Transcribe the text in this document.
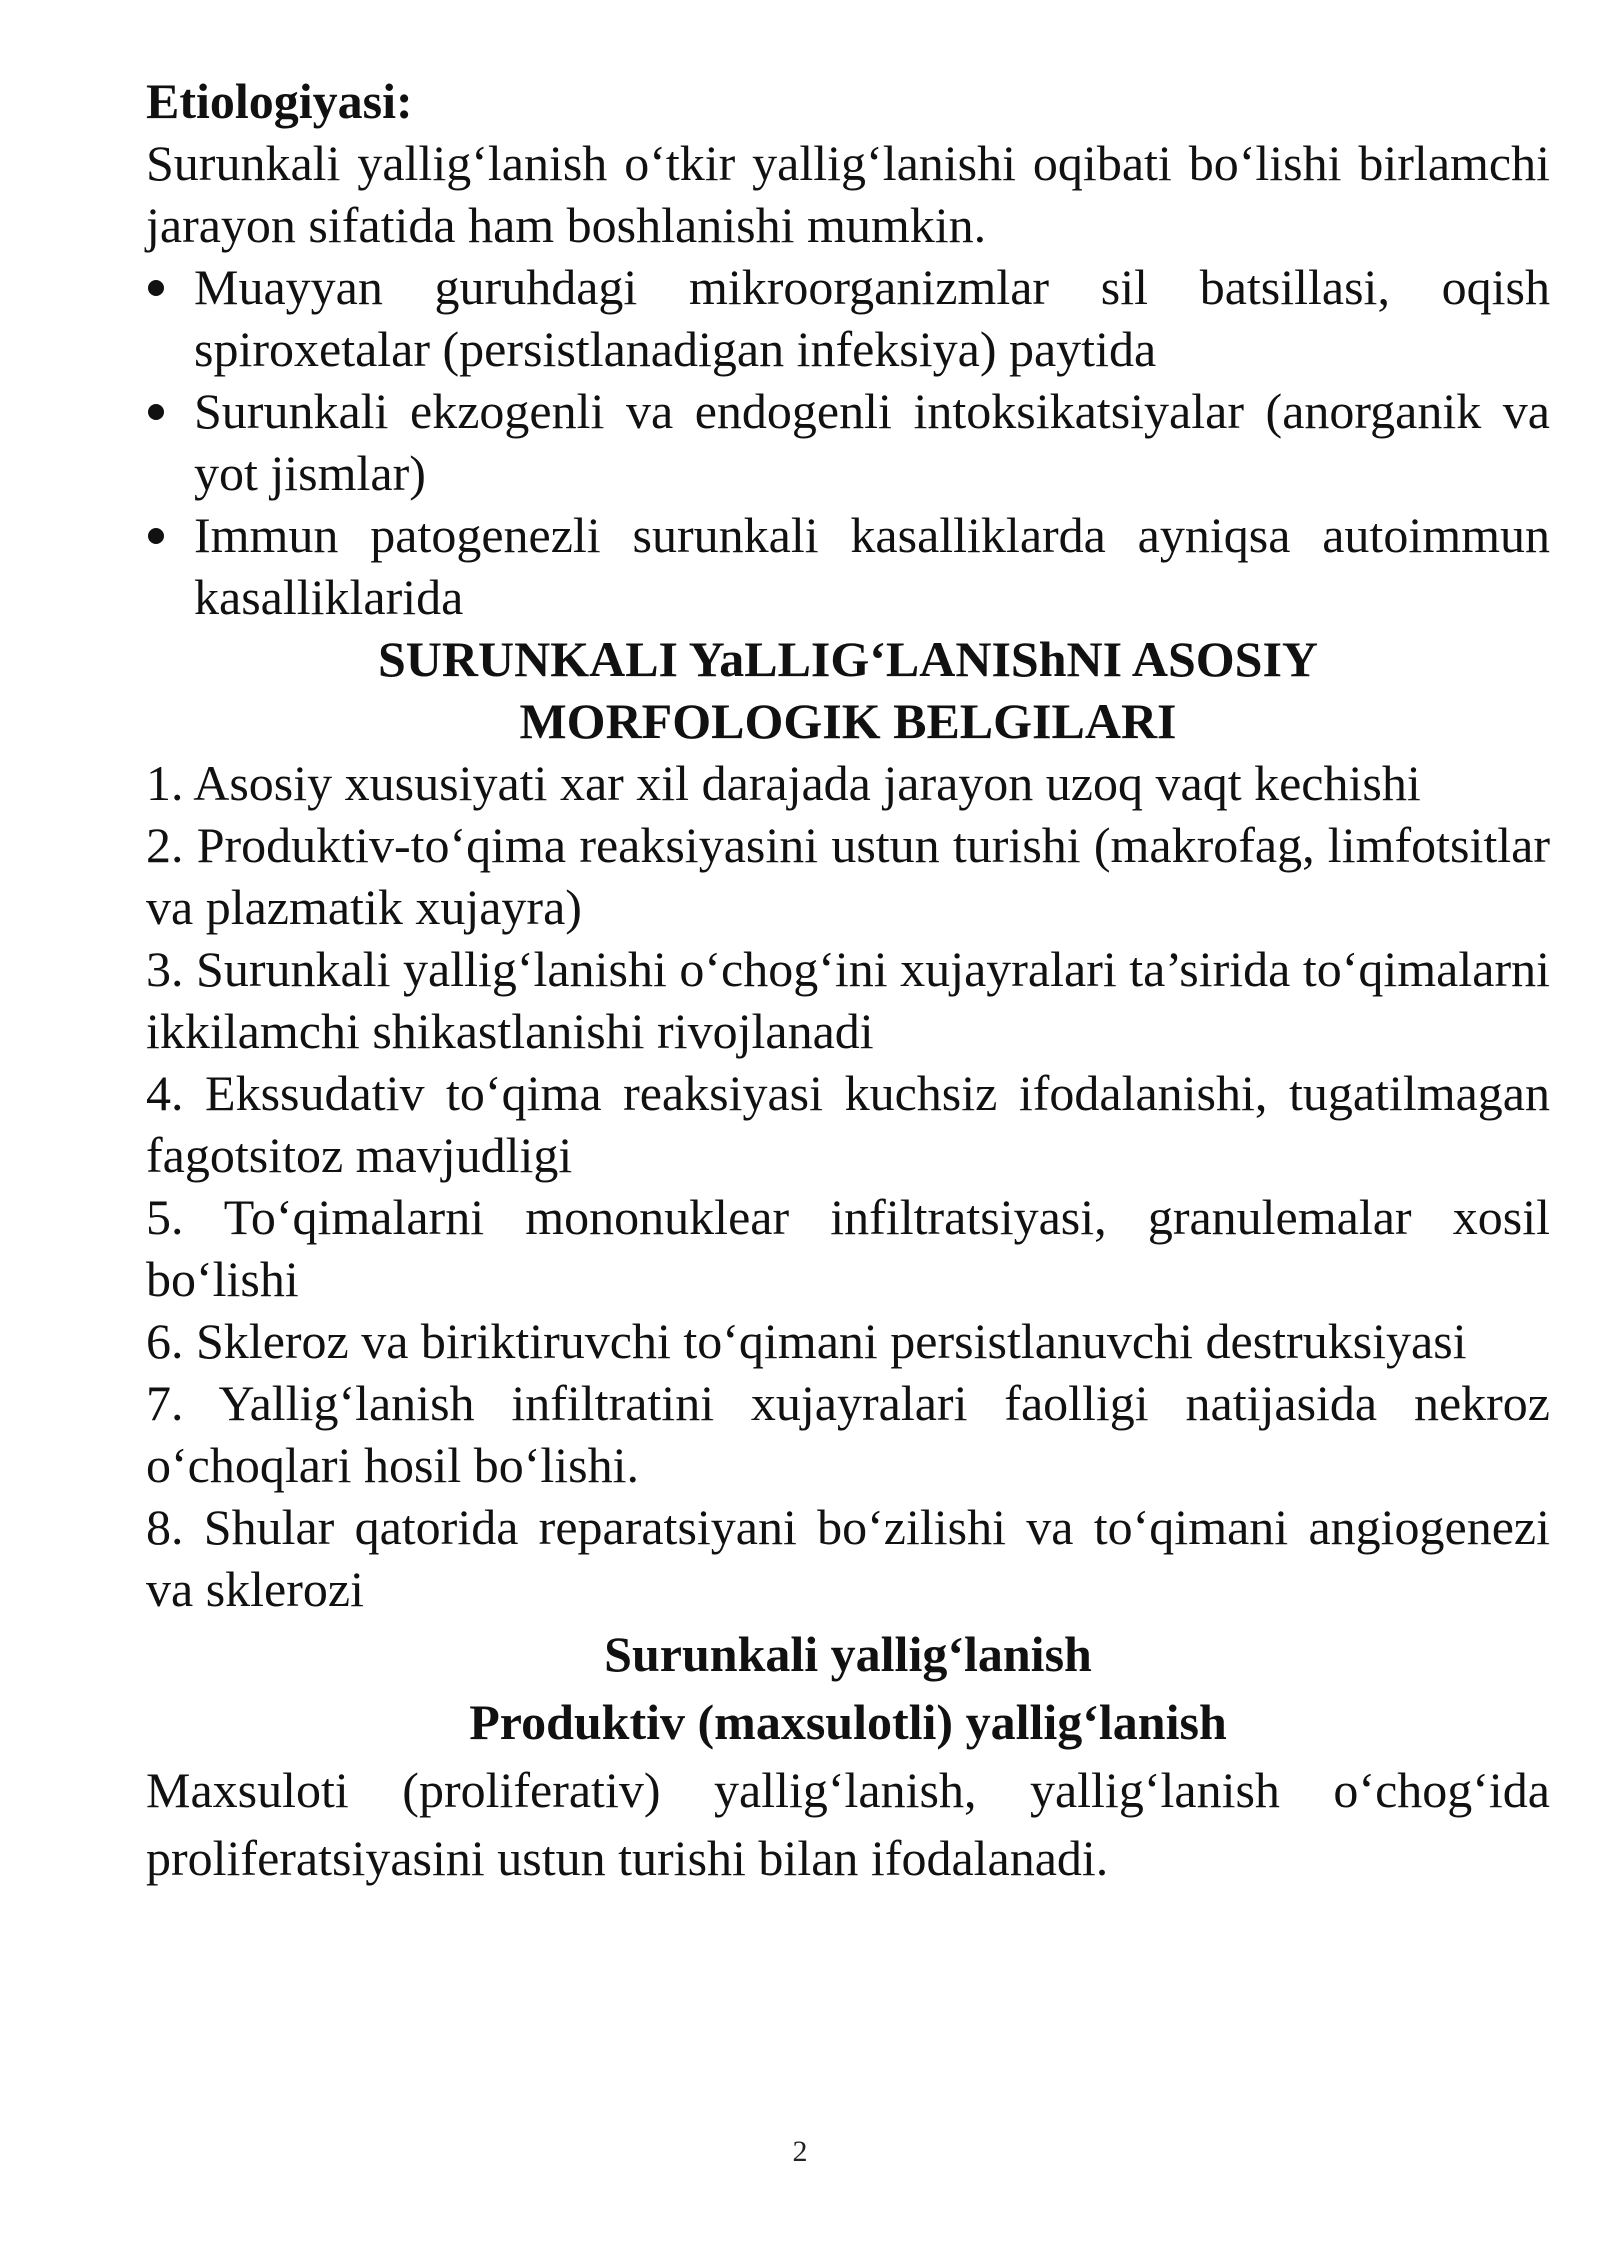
Etiologiyasi:

Surunkali yallig‘lanish o‘tkir yallig‘lanishi oqibati bo‘lishi birlamchi jarayon sifatida ham boshlanishi mumkin.

Muayyan guruhdagi mikroorganizmlar sil batsillasi, oqish spiroxetalar (persistlanadigan infeksiya) paytida
Surunkali ekzogenli va endogenli intoksikatsiyalar (anorganik va yot jismlar)
Immun patogenezli surunkali kasalliklarda ayniqsa autoimmun kasalliklarida

SURUNKALI YaLLIG‘LANIShNI ASOSIY

MORFOLOGIK BELGILARI

1. Asosiy xususiyati xar xil darajada jarayon uzoq vaqt kechishi

2. Produktiv-to‘qima reaksiyasini ustun turishi (makrofag, limfotsitlar va plazmatik xujayra)

3. Surunkali yallig‘lanishi o‘chog‘ini xujayralari ta’sirida to‘qimalarni ikkilamchi shikastlanishi rivojlanadi

4. Ekssudativ to‘qima reaksiyasi kuchsiz ifodalanishi, tugatilmagan fagotsitoz mavjudligi

5. To‘qimalarni mononuklear infiltratsiyasi, granulemalar xosil bo‘lishi

6. Skleroz va biriktiruvchi to‘qimani persistlanuvchi destruksiyasi

7. Yallig‘lanish infiltratini xujayralari faolligi natijasida nekroz o‘choqlari hosil bo‘lishi.

8. Shular qatorida reparatsiyani bo‘zilishi va to‘qimani angiogenezi va sklerozi

Surunkali yallig‘lanish

Produktiv (maxsulotli) yallig‘lanish

Maxsuloti (proliferativ) yallig‘lanish, yallig‘lanish o‘chog‘ida proliferatsiyasini ustun turishi bilan ifodalanadi.

2
